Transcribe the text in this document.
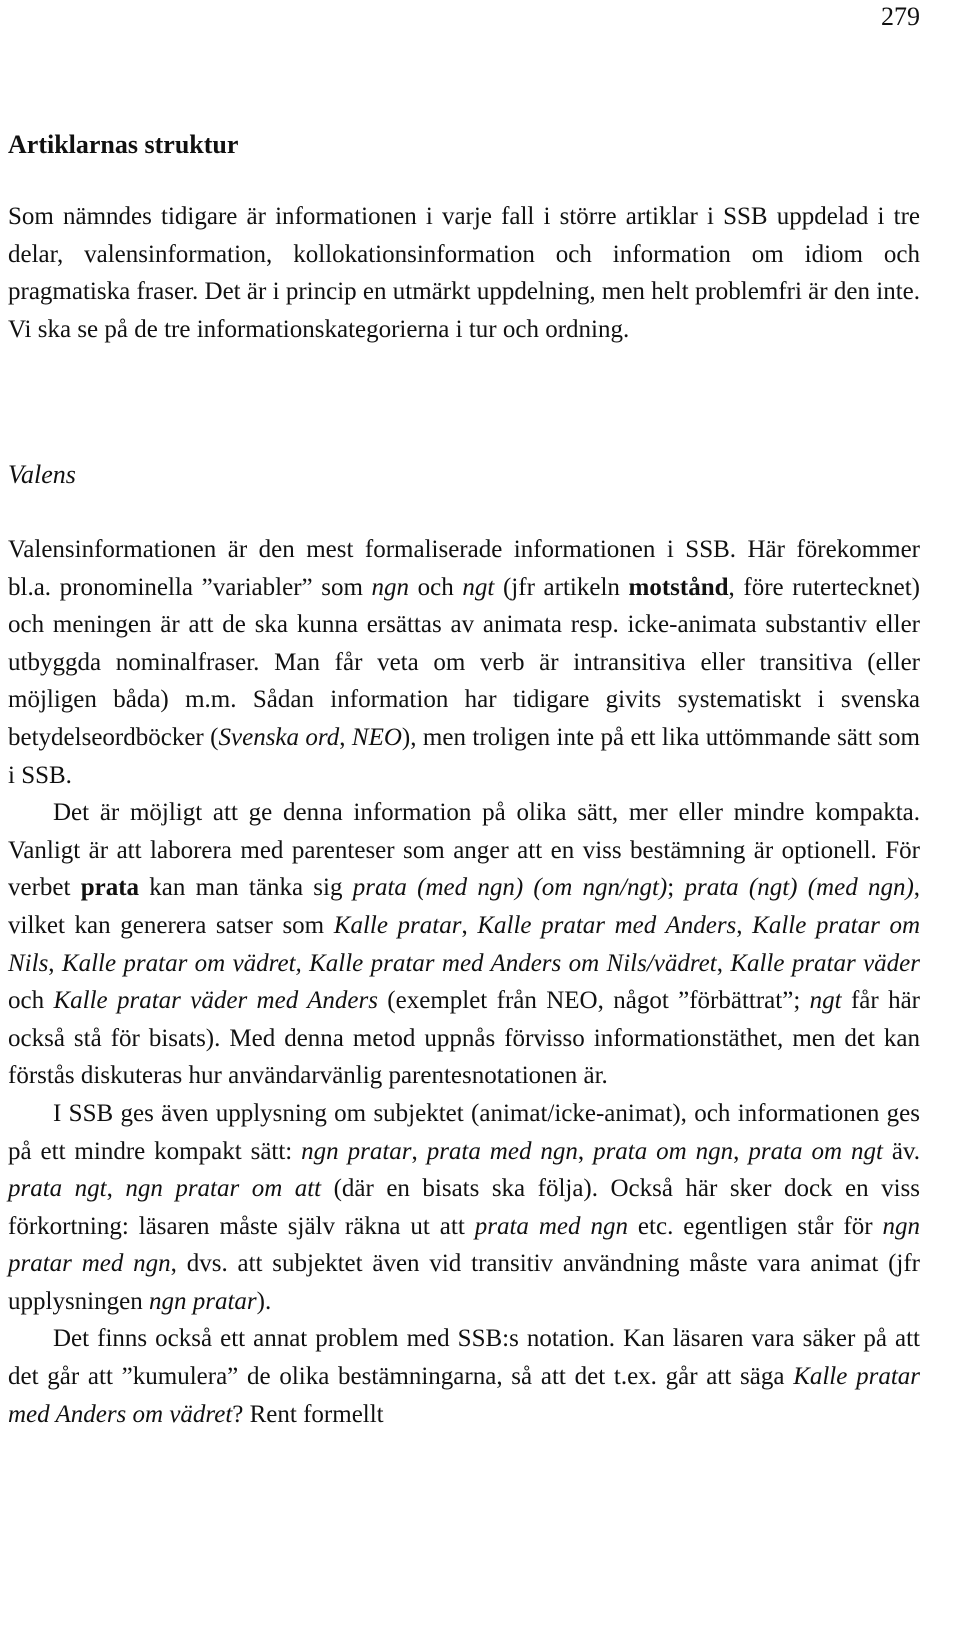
279
Artiklarnas struktur

Som nämndes tidigare är informationen i varje fall i större artiklar i SSB uppdelad i tre delar, valensinformation, kollokationsinformation och information om idiom och pragmatiska fraser. Det är i princip en utmärkt uppdelning, men helt problemfri är den inte. Vi ska se på de tre informationskategorierna i tur och ordning.

Valens

Valensinformationen är den mest formaliserade informationen i SSB. Här förekommer bl.a. pronominella ”variabler” som ngn och ngt (jfr artikeln motstånd, före rutertecknet) och meningen är att de ska kunna ersättas av animata resp. icke-animata substantiv eller utbyggda nominalfraser. Man får veta om verb är intransitiva eller transitiva (eller möjligen båda) m.m. Sådan information har tidigare givits systematiskt i svenska betydelseordböcker (Svenska ord, NEO), men troligen inte på ett lika uttömmande sätt som i SSB.

Det är möjligt att ge denna information på olika sätt, mer eller mindre kompakta. Vanligt är att laborera med parenteser som anger att en viss bestämning är optionell. För verbet prata kan man tänka sig prata (med ngn) (om ngn/ngt); prata (ngt) (med ngn), vilket kan generera satser som Kalle pratar, Kalle pratar med Anders, Kalle pratar om Nils, Kalle pratar om vädret, Kalle pratar med Anders om Nils/vädret, Kalle pratar väder och Kalle pratar väder med Anders (exemplet från NEO, något ”förbättrat”; ngt får här också stå för bisats). Med denna metod uppnås förvisso informationstäthet, men det kan förstås diskuteras hur användarvänlig parentesnotationen är.

I SSB ges även upplysning om subjektet (animat/icke-animat), och informationen ges på ett mindre kompakt sätt: ngn pratar, prata med ngn, prata om ngn, prata om ngt äv. prata ngt, ngn pratar om att (där en bisats ska följa). Också här sker dock en viss förkortning: läsaren måste själv räkna ut att prata med ngn etc. egentligen står för ngn pratar med ngn, dvs. att subjektet även vid transitiv användning måste vara animat (jfr upplysningen ngn pratar).

Det finns också ett annat problem med SSB:s notation. Kan läsaren vara säker på att det går att ”kumulera” de olika bestämningarna, så att det t.ex. går att säga Kalle pratar med Anders om vädret? Rent formellt
